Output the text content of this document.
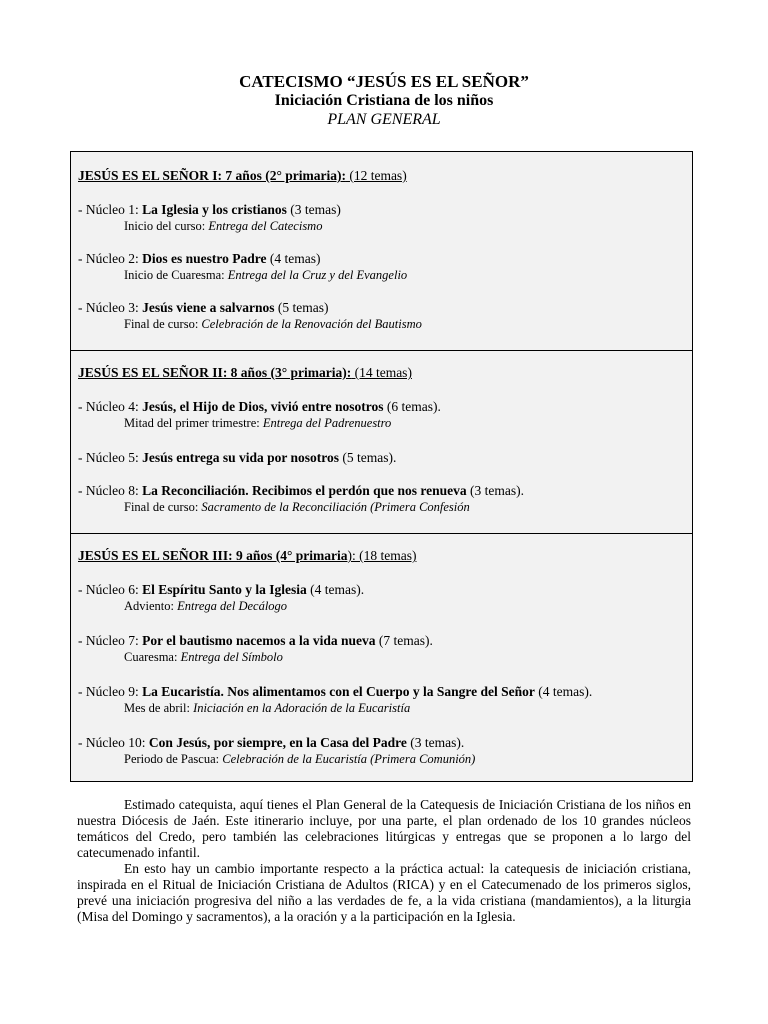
CATECISMO “JESÚS ES EL SEÑOR”
Iniciación Cristiana de los niños
PLAN GENERAL
JESÚS ES EL SEÑOR I: 7 años (2° primaria): (12 temas)
- Núcleo 1: La Iglesia y los cristianos (3 temas)
Inicio del curso: Entrega del Catecismo
- Núcleo 2: Dios es nuestro Padre (4 temas)
Inicio de Cuaresma: Entrega del la Cruz y del Evangelio
- Núcleo 3: Jesús viene a salvarnos (5 temas)
Final de curso: Celebración de la Renovación del Bautismo
JESÚS ES EL SEÑOR II: 8 años (3° primaria): (14 temas)
- Núcleo 4: Jesús, el Hijo de Dios, vivió entre nosotros (6 temas).
Mitad del primer trimestre: Entrega del Padrenuestro
- Núcleo 5: Jesús entrega su vida por nosotros (5 temas).
- Núcleo 8: La Reconciliación. Recibimos el perdón que nos renueva (3 temas).
Final de curso: Sacramento de la Reconciliación (Primera Confesión
JESÚS ES EL SEÑOR III: 9 años (4° primaria): (18 temas)
- Núcleo 6: El Espíritu Santo y la Iglesia (4 temas).
Adviento: Entrega del Decálogo
- Núcleo 7: Por el bautismo nacemos a la vida nueva (7 temas).
Cuaresma: Entrega del Símbolo
- Núcleo 9: La Eucaristía. Nos alimentamos con el Cuerpo y la Sangre del Señor (4 temas).
Mes de abril: Iniciación en la Adoración de la Eucaristía
- Núcleo 10: Con Jesús, por siempre, en la Casa del Padre (3 temas).
Periodo de Pascua: Celebración de la Eucaristía (Primera Comunión)

Estimado catequista, aquí tienes el Plan General de la Catequesis de Iniciación Cristiana de los niños en nuestra Diócesis de Jaén. Este itinerario incluye, por una parte, el plan ordenado de los 10 grandes núcleos temáticos del Credo, pero también las celebraciones litúrgicas y entregas que se proponen a lo largo del catecumenado infantil.

En esto hay un cambio importante respecto a la práctica actual: la catequesis de iniciación cristiana, inspirada en el Ritual de Iniciación Cristiana de Adultos (RICA) y en el Catecumenado de los primeros siglos, prevé una iniciación progresiva del niño a las verdades de fe, a la vida cristiana (mandamientos), a la liturgia (Misa del Domingo y sacramentos), a la oración y a la participación en la Iglesia.
